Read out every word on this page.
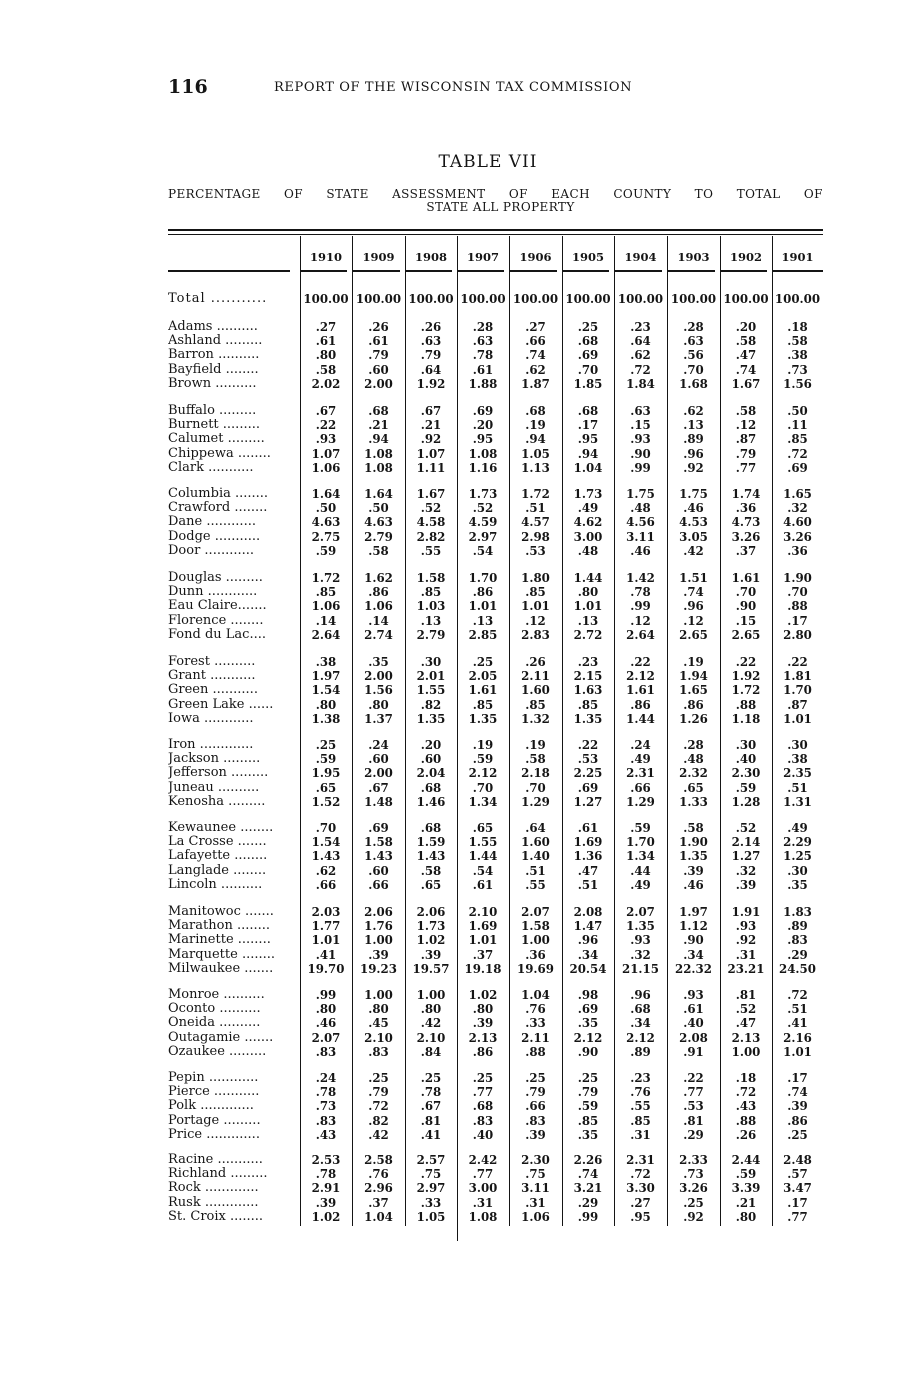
116	REPORT OF THE WISCONSIN TAX COMMISSION
TABLE VII
PERCENTAGE OF STATE ASSESSMENT OF EACH COUNTY TO TOTAL OF
STATE ALL PROPERTY
1910	1909	1908	1907	1906	1905	1904	1903	1902	1901
Total ...........	100.00 100.00 100.00 100.00 100.00 100.00 100.00 100.00 100.00 100.00
Adams ..........	.27	.26	.26	.28	.27	.25	.23	.28	.20	.18
Ashland .........	.61	.61	.63	.63	.66	.68	.64	.63	.58	.58
Barron ..........	.80	.79	.79	.78	.74	.69	.62	.56	.47	.38
Bayfield ........	.58	.60	.64	.61	.62	.70	.72	.70	.74	.73
Brown ..........	2.02	2.00	1.92	1.88	1.87	1.85	1.84	1.68	1.67	1.56
Buffalo .........	.67	.68	.67	.69	.68	.68	.63	.62	.58	.50
Burnett .........	.22	.21	.21	.20	.19	.17	.15	.13	.12	.11
Calumet .........	.93	.94	.92	.95	.94	.95	.93	.89	.87	.85
Chippewa ........	1.07	1.08	1.07	1.08	1.05	.94	.90	.96	.79	.72
Clark ...........	1.06	1.08	1.11	1.16	1.13	1.04	.99	.92	.77	.69
Columbia ........	1.64	1.64	1.67	1.73	1.72	1.73	1.75	1.75	1.74	1.65
Crawford ........	.50	.50	.52	.52	.51	.49	.48	.46	.36	.32
Dane ............	4.63	4.63	4.58	4.59	4.57	4.62	4.56	4.53	4.73	4.60
Dodge ...........	2.75	2.79	2.82	2.97	2.98	3.00	3.11	3.05	3.26	3.26
Door ............	.59	.58	.55	.54	.53	.48	.46	.42	.37	.36
Douglas .........	1.72	1.62	1.58	1.70	1.80	1.44	1.42	1.51	1.61	1.90
Dunn ............	.85	.86	.85	.86	.85	.80	.78	.74	.70	.70
Eau Claire.......	1.06	1.06	1.03	1.01	1.01	1.01	.99	.96	.90	.88
Florence ........	.14	.14	.13	.13	.12	.13	.12	.12	.15	.17
Fond du Lac....	2.64	2.74	2.79	2.85	2.83	2.72	2.64	2.65	2.65	2.80
Forest ..........	.38	.35	.30	.25	.26	.23	.22	.19	.22	.22
Grant ...........	1.97	2.00	2.01	2.05	2.11	2.15	2.12	1.94	1.92	1.81
Green ...........	1.54	1.56	1.55	1.61	1.60	1.63	1.61	1.65	1.72	1.70
Green Lake ......	.80	.80	.82	.85	.85	.85	.86	.86	.88	.87
Iowa ............	1.38	1.37	1.35	1.35	1.32	1.35	1.44	1.26	1.18	1.01
Iron .............	.25	.24	.20	.19	.19	.22	.24	.28	.30	.30
Jackson .........	.59	.60	.60	.59	.58	.53	.49	.48	.40	.38
Jefferson .........	1.95	2.00	2.04	2.12	2.18	2.25	2.31	2.32	2.30	2.35
Juneau ..........	.65	.67	.68	.70	.70	.69	.66	.65	.59	.51
Kenosha .........	1.52	1.48	1.46	1.34	1.29	1.27	1.29	1.33	1.28	1.31
Kewaunee ........	.70	.69	.68	.65	.64	.61	.59	.58	.52	.49
La Crosse .......	1.54	1.58	1.59	1.55	1.60	1.69	1.70	1.90	2.14	2.29
Lafayette ........	1.43	1.43	1.43	1.44	1.40	1.36	1.34	1.35	1.27	1.25
Langlade ........	.62	.60	.58	.54	.51	.47	.44	.39	.32	.30
Lincoln ..........	.66	.66	.65	.61	.55	.51	.49	.46	.39	.35
Manitowoc .......	2.03	2.06	2.06	2.10	2.07	2.08	2.07	1.97	1.91	1.83
Marathon ........	1.77	1.76	1.73	1.69	1.58	1.47	1.35	1.12	.93	.89
Marinette ........	1.01	1.00	1.02	1.01	1.00	.96	.93	.90	.92	.83
Marquette ........	.41	.39	.39	.37	.36	.34	.32	.34	.31	.29
Milwaukee .......	19.70	19.23	19.57	19.18	19.69	20.54	21.15	22.32	23.21	24.50
Monroe ..........	.99	1.00	1.00	1.02	1.04	.98	.96	.93	.81	.72
Oconto ..........	.80	.80	.80	.80	.76	.69	.68	.61	.52	.51
Oneida ..........	.46	.45	.42	.39	.33	.35	.34	.40	.47	.41
Outagamie .......	2.07	2.10	2.10	2.13	2.11	2.12	2.12	2.08	2.13	2.16
Ozaukee .........	.83	.83	.84	.86	.88	.90	.89	.91	1.00	1.01
Pepin ............	.24	.25	.25	.25	.25	.25	.23	.22	.18	.17
Pierce ...........	.78	.79	.78	.77	.79	.79	.76	.77	.72	.74
Polk .............	.73	.72	.67	.68	.66	.59	.55	.53	.43	.39
Portage .........	.83	.82	.81	.83	.83	.85	.85	.81	.88	.86
Price .............	.43	.42	.41	.40	.39	.35	.31	.29	.26	.25
Racine ...........	2.53	2.58	2.57	2.42	2.30	2.26	2.31	2.33	2.44	2.48
Richland .........	.78	.76	.75	.77	.75	.74	.72	.73	.59	.57
Rock .............	2.91	2.96	2.97	3.00	3.11	3.21	3.30	3.26	3.39	3.47
Rusk .............	.39	.37	.33	.31	.31	.29	.27	.25	.21	.17
St. Croix ........	1.02	1.04	1.05	1.08	1.06	.99	.95	.92	.80	.77
